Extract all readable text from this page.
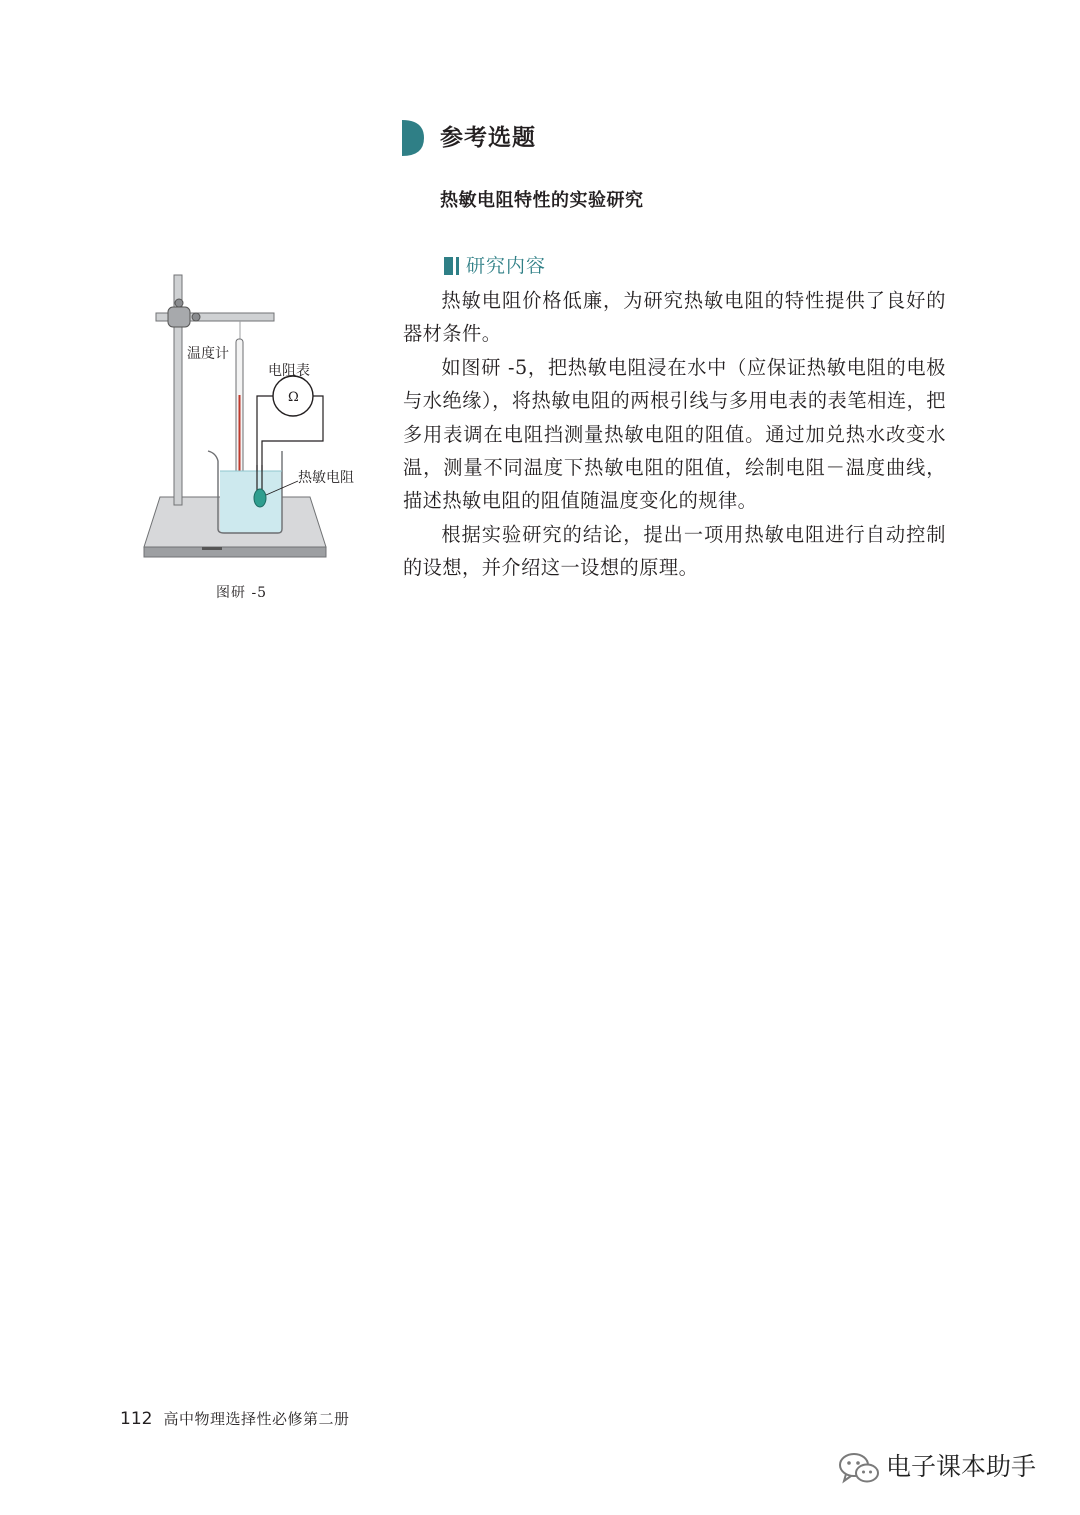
参考选题
热敏电阻特性的实验研究
研究内容

热敏电阻价格低廉，为研究热敏电阻的特性提供了良好的器材条件。

如图研 -5，把热敏电阻浸在水中（应保证热敏电阻的电极与水绝缘），将热敏电阻的两根引线与多用电表的表笔相连，把多用表调在电阻挡测量热敏电阻的阻值。通过加兑热水改变水温，测量不同温度下热敏电阻的阻值，绘制电阻－温度曲线，描述热敏电阻的阻值随温度变化的规律。

根据实验研究的结论，提出一项用热敏电阻进行自动控制的设想，并介绍这一设想的原理。

温度计
电阻表
Ω
热敏电阻
图研 -5
112 高中物理选择性必修第二册
电子课本助手
